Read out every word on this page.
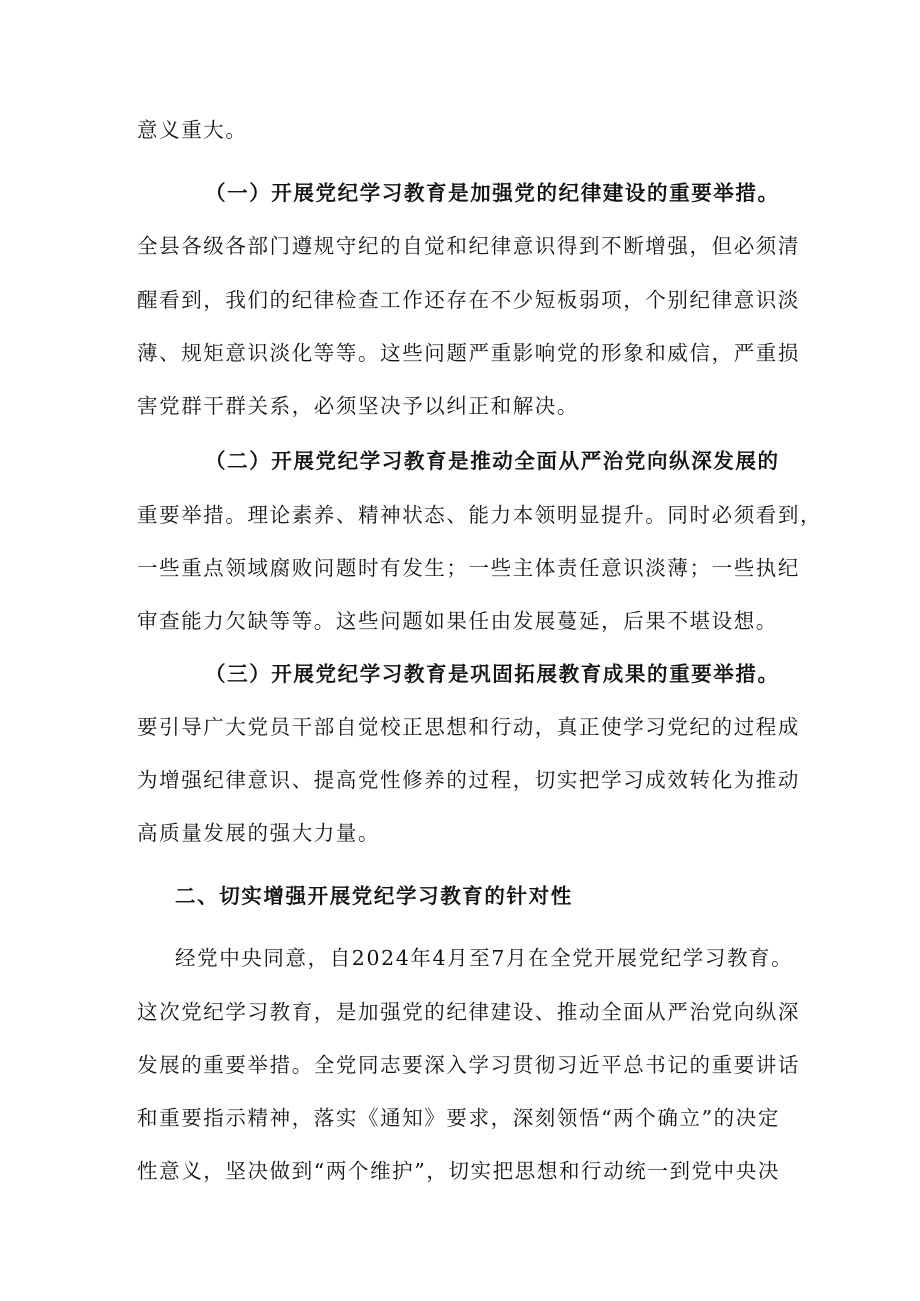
意义重大。

（一）开展党纪学习教育是加强党的纪律建设的重要举措。

全县各级各部门遵规守纪的自觉和纪律意识得到不断增强，但必须清

醒看到，我们的纪律检查工作还存在不少短板弱项，个别纪律意识淡

薄、规矩意识淡化等等。这些问题严重影响党的形象和威信，严重损

害党群干群关系，必须坚决予以纠正和解决。

（二）开展党纪学习教育是推动全面从严治党向纵深发展的

重要举措。理论素养、精神状态、能力本领明显提升。同时必须看到，

一些重点领域腐败问题时有发生；一些主体责任意识淡薄；一些执纪

审查能力欠缺等等。这些问题如果任由发展蔓延，后果不堪设想。

（三）开展党纪学习教育是巩固拓展教育成果的重要举措。

要引导广大党员干部自觉校正思想和行动，真正使学习党纪的过程成

为增强纪律意识、提高党性修养的过程，切实把学习成效转化为推动

高质量发展的强大力量。

二、切实增强开展党纪学习教育的针对性

经党中央同意，自2024年4月至7月在全党开展党纪学习教育。

这次党纪学习教育，是加强党的纪律建设、推动全面从严治党向纵深

发展的重要举措。全党同志要深入学习贯彻习近平总书记的重要讲话

和重要指示精神，落实《通知》要求，深刻领悟“两个确立”的决定

性意义，坚决做到“两个维护”，切实把思想和行动统一到党中央决
